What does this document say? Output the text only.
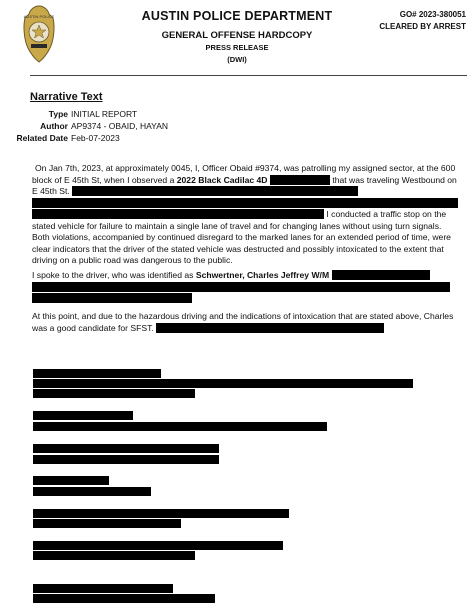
AUSTIN POLICE	AUSTIN POLICE DEPARTMENT
GENERAL OFFENSE HARDCOPY
PRESS RELEASE
(DWI)
GO# 2023-380051
CLEARED BY ARREST
Narrative Text
Type INITIAL REPORT
Author AP9374 - OBAID, HAYAN
Related Date Feb-07-2023
On Jan 7th, 2023, at approximately 0045, I, Officer Obaid #9374, was patrolling my assigned sector, at the 600 block of E 45th St, when I observed a 2022 Black Cadilac 4D	that was traveling Westbound on E 45th St.    I conducted a traffic stop on the stated vehicle for failure to maintain a single lane of travel and for changing lanes without using turn signals. Both violations, accompanied by continued disregard to the marked lanes for an extended period of time, were clear indicators that the driver of the stated vehicle was destructed and possibly intoxicated to the extent that driving on a public road was dangerous to the public.
I spoke to the driver, who was identified as Schwertner, Charles Jeffrey W/M
At this point, and due to the hazardous driving and the indications of intoxication that are stated above, Charles was a good candidate for SFST.
